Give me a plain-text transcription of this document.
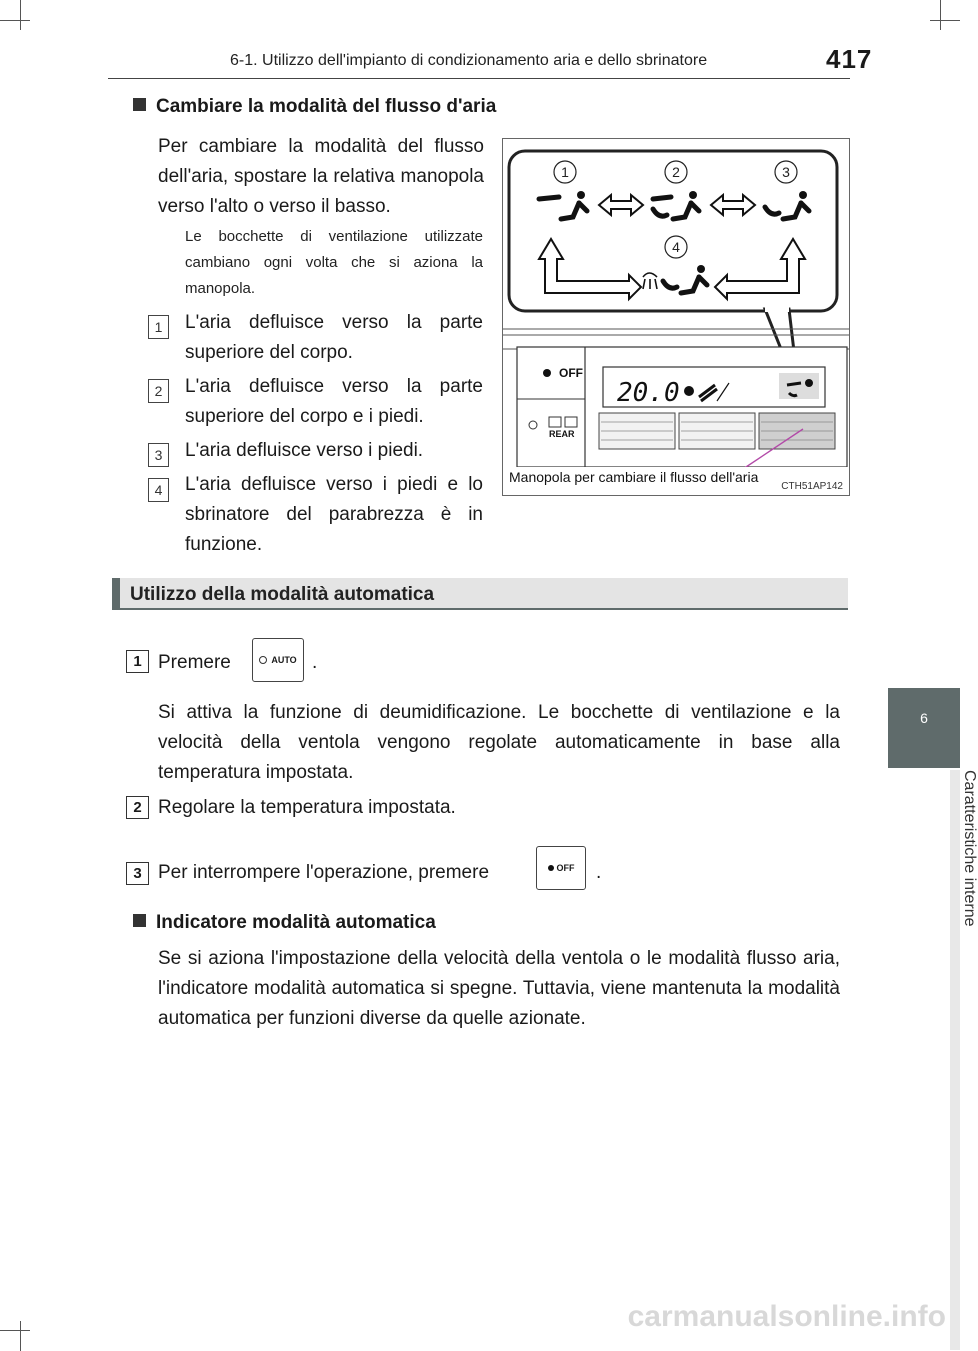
6-1. Utilizzo dell'impianto di condizionamento aria e dello sbrinatore	417
6
Caratteristiche interne
Cambiare la modalità del flusso d'aria
Per cambiare la modalità del flusso dell'aria, spostare la relativa manopola verso l'alto o verso il basso.
Le bocchette di ventilazione utilizzate cambiano ogni volta che si aziona la manopola.
1	L'aria defluisce verso la parte superiore del corpo.
2	L'aria defluisce verso la parte superiore del corpo e i piedi.
3	L'aria defluisce verso i piedi.
4	L'aria defluisce verso i piedi e lo sbrinatore del parabrezza è in funzione.
1	2	3
4
OFF
REAR
20.0
Manopola per cambiare il flusso dell'aria
CTH51AP142
Utilizzo della modalità automatica
1 Premere	AUTO .
Si attiva la funzione di deumidificazione. Le bocchette di ventilazione e la velocità della ventola vengono regolate automaticamente in base alla temperatura impostata.
2 Regolare la temperatura impostata.
3 Per interrompere l'operazione, premere	OFF .
Indicatore modalità automatica
Se si aziona l'impostazione della velocità della ventola o le modalità flusso aria, l'indicatore modalità automatica si spegne. Tuttavia, viene mantenuta la modalità automatica per funzioni diverse da quelle azionate.
carmanualsonline.info
